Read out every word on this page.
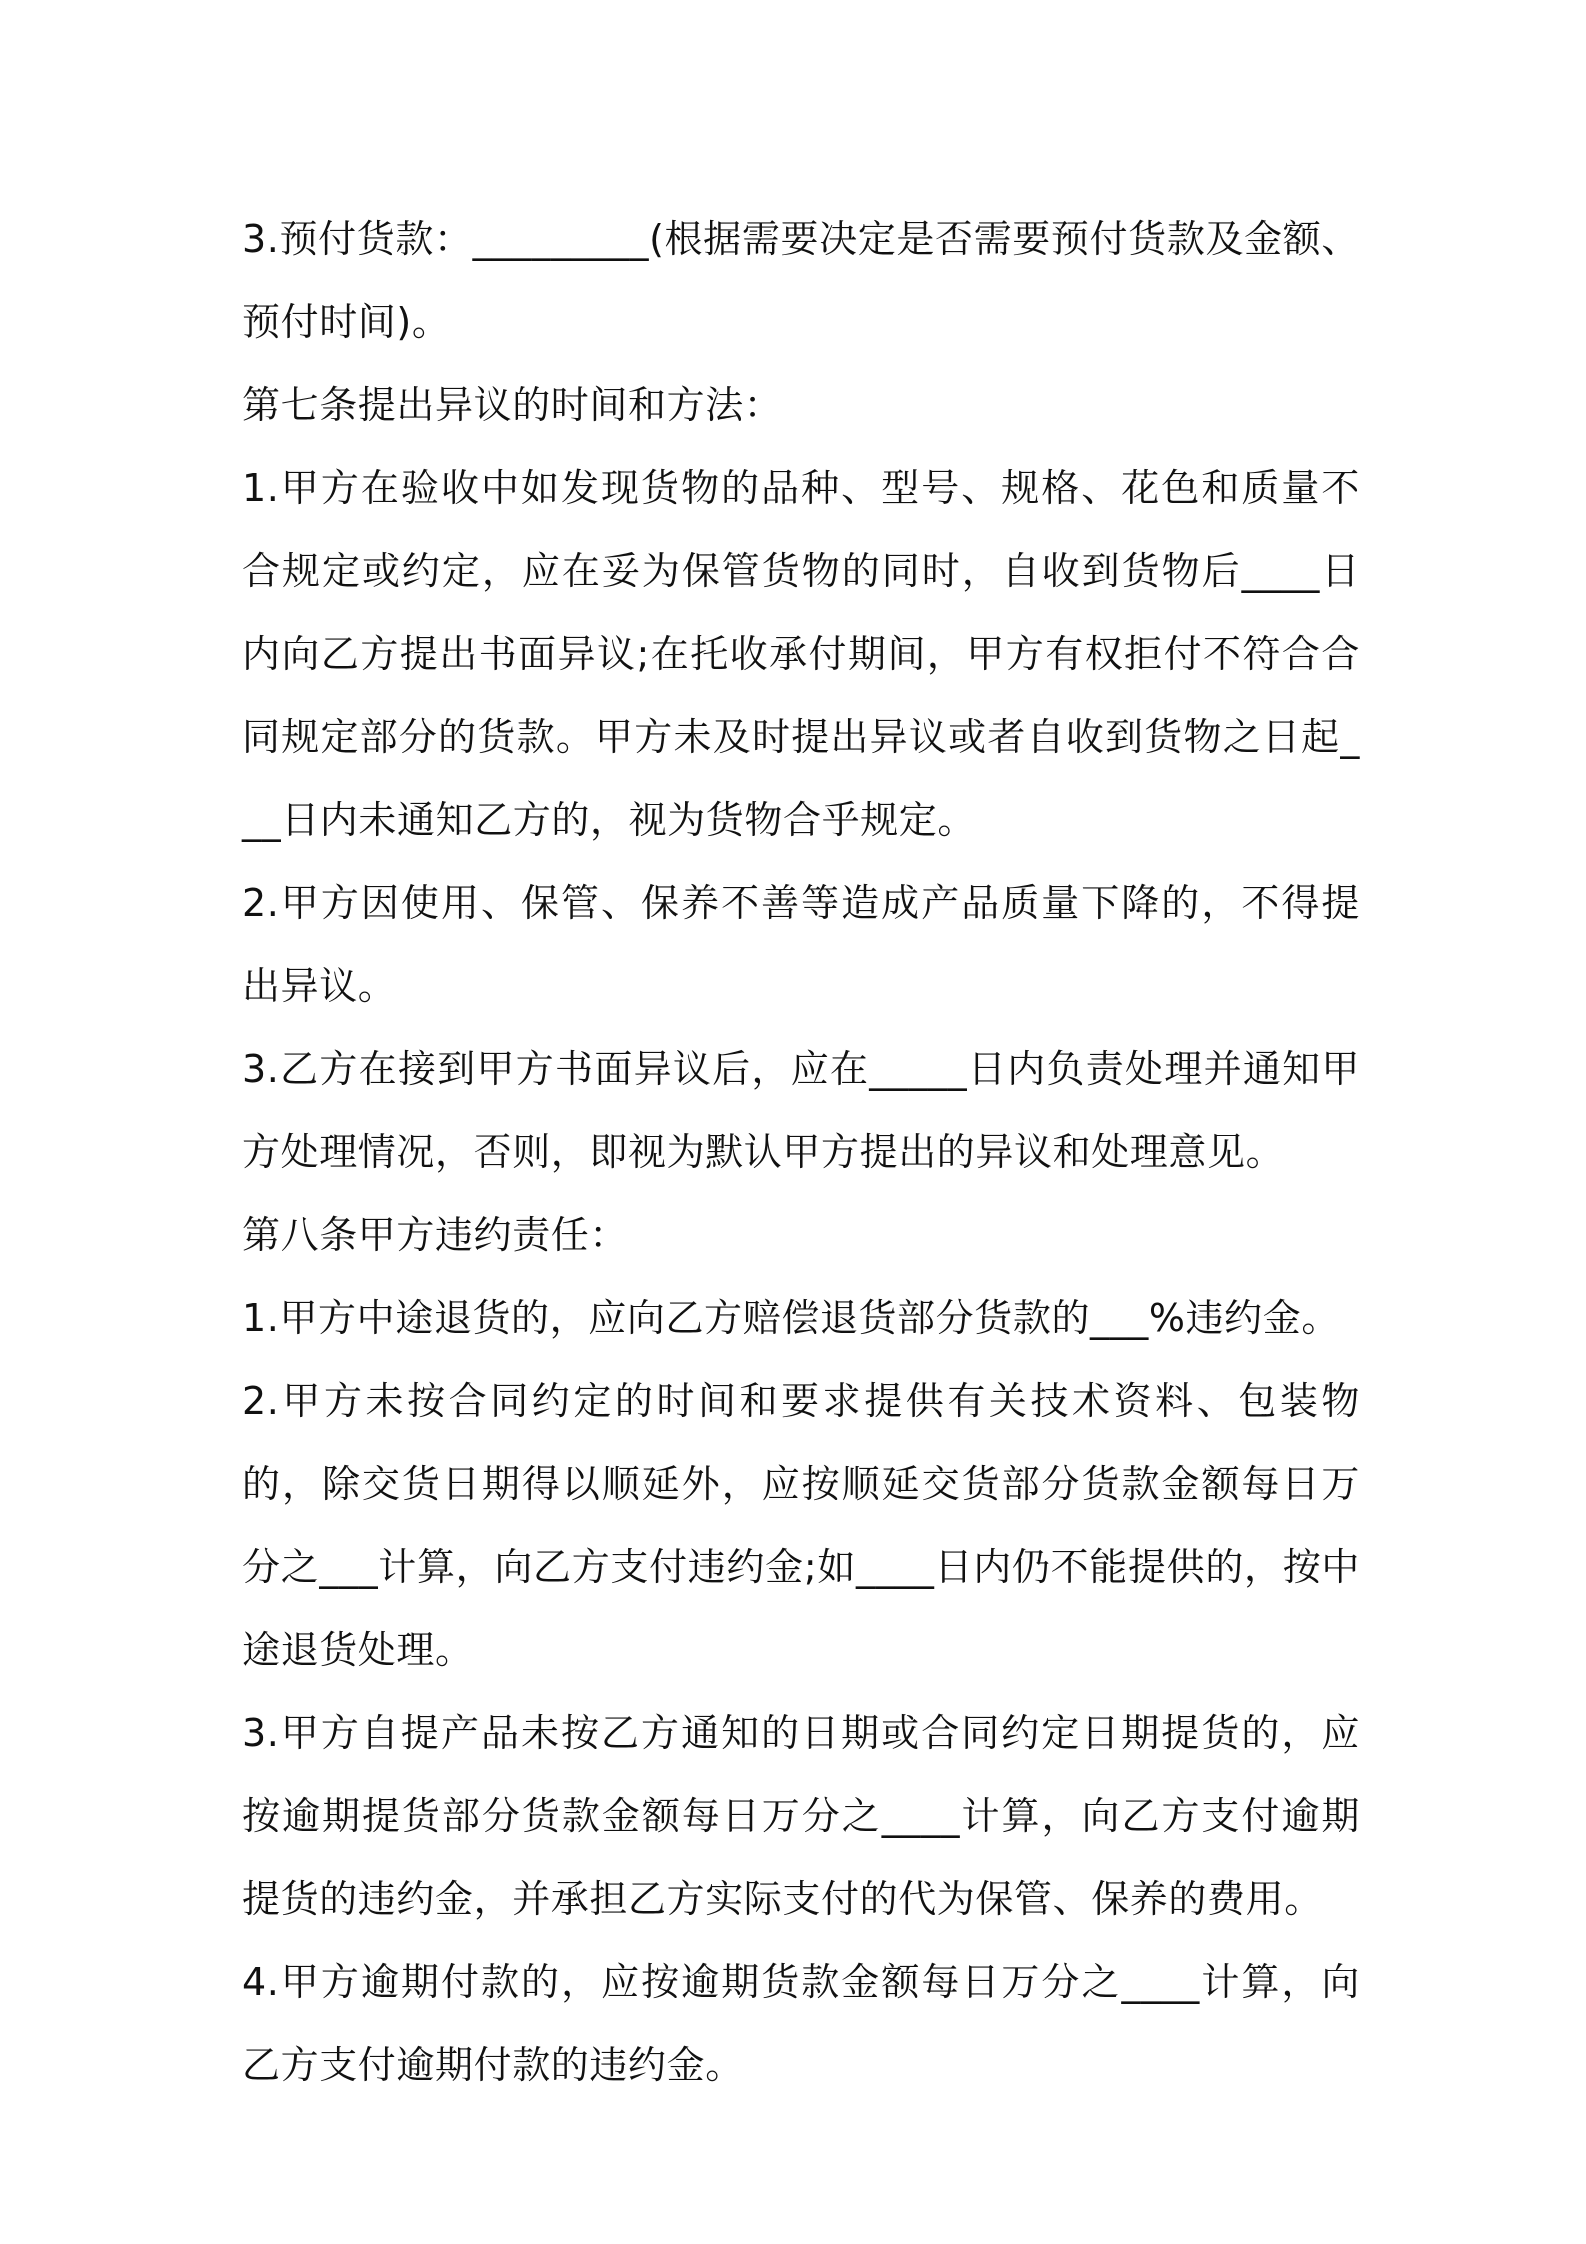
3.预付货款：_________(根据需要决定是否需要预付货款及金额、预付时间)。

第七条提出异议的时间和方法：

1.甲方在验收中如发现货物的品种、型号、规格、花色和质量不合规定或约定，应在妥为保管货物的同时，自收到货物后____日内向乙方提出书面异议;在托收承付期间，甲方有权拒付不符合合同规定部分的货款。甲方未及时提出异议或者自收到货物之日起___日内未通知乙方的，视为货物合乎规定。

2.甲方因使用、保管、保养不善等造成产品质量下降的，不得提出异议。

3.乙方在接到甲方书面异议后，应在_____日内负责处理并通知甲方处理情况，否则，即视为默认甲方提出的异议和处理意见。

第八条甲方违约责任：

1.甲方中途退货的，应向乙方赔偿退货部分货款的___%违约金。

2.甲方未按合同约定的时间和要求提供有关技术资料、包装物的，除交货日期得以顺延外，应按顺延交货部分货款金额每日万分之___计算，向乙方支付违约金;如____日内仍不能提供的，按中途退货处理。

3.甲方自提产品未按乙方通知的日期或合同约定日期提货的，应按逾期提货部分货款金额每日万分之____计算，向乙方支付逾期提货的违约金，并承担乙方实际支付的代为保管、保养的费用。

4.甲方逾期付款的，应按逾期货款金额每日万分之____计算，向乙方支付逾期付款的违约金。
